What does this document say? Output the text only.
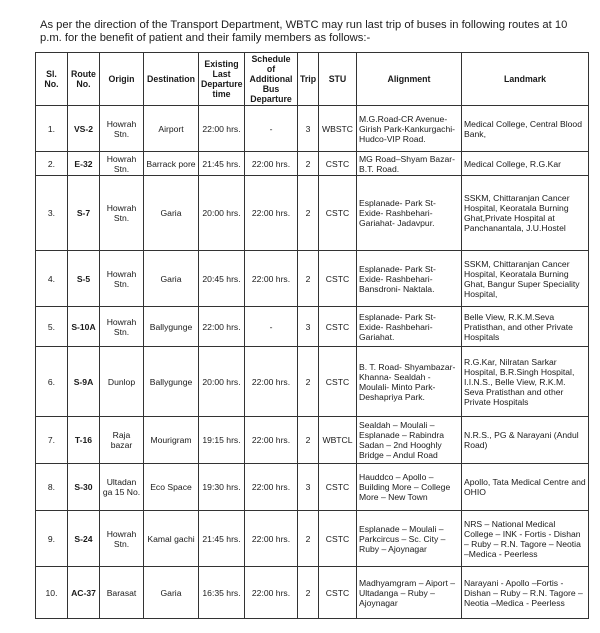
As per the direction of the Transport Department, WBTC may run last trip of buses in following routes at 10 p.m. for the benefit of patient and their family members as follows:-

Sl. No.	Route No.	Origin	Destination	Existing Last Departure time	Schedule of Additional Bus Departure	Trip	STU	Alignment	Landmark
1.	VS-2	Howrah Stn.	Airport	22:00 hrs.	-	3	WBSTC	M.G.Road-CR Avenue-Girish Park-Kankurgachi-Hudco-VIP Road.	Medical College, Central Blood Bank,
2.	E-32	Howrah Stn.	Barrack pore	21:45 hrs.	22:00 hrs.	2	CSTC	MG Road–Shyam Bazar- B.T. Road.	Medical College, R.G.Kar
3.	S-7	Howrah Stn.	Garia	20:00 hrs.	22:00 hrs.	2	CSTC	Esplanade- Park St- Exide- Rashbehari- Gariahat- Jadavpur.	SSKM, Chittaranjan Cancer Hospital, Keoratala Burning Ghat,Private Hospital at Panchanantala, J.U.Hostel
4.	S-5	Howrah Stn.	Garia	20:45 hrs.	22:00 hrs.	2	CSTC	Esplanade- Park St- Exide- Rashbehari- Bansdroni- Naktala.	SSKM, Chittaranjan Cancer Hospital, Keoratala Burning Ghat, Bangur Super Speciality Hospital,
5.	S-10A	Howrah Stn.	Ballygunge	22:00 hrs.	-	3	CSTC	Esplanade- Park St- Exide- Rashbehari- Gariahat.	Belle View, R.K.M.Seva Pratisthan, and other Private Hospitals
6.	S-9A	Dunlop	Ballygunge	20:00 hrs.	22:00 hrs.	2	CSTC	B. T. Road- Shyambazar- Khanna- Sealdah - Moulali- Minto Park- Deshapriya Park.	R.G.Kar, Nilratan Sarkar Hospital, B.R.Singh Hospital, I.I.N.S., Belle View, R.K.M. Seva Pratisthan and other Private Hospitals
7.	T-16	Raja bazar	Mourigram	19:15 hrs.	22:00 hrs.	2	WBTCL	Sealdah – Moulali – Esplanade – Rabindra Sadan – 2nd Hooghly Bridge – Andul Road	N.R.S., PG & Narayani (Andul Road)
8.	S-30	Ultadan ga 15 No.	Eco Space	19:30 hrs.	22:00 hrs.	3	CSTC	Hauddco – Apollo – Building More – College More – New Town	Apollo, Tata Medical Centre and OHIO
9.	S-24	Howrah Stn.	Kamal gachi	21:45 hrs.	22:00 hrs.	2	CSTC	Esplanade – Moulali – Parkcircus – Sc. City – Ruby – Ajoynagar	NRS – National Medical College – INK - Fortis - Dishan – Ruby – R.N. Tagore – Neotia –Medica - Peerless
10.	AC-37	Barasat	Garia	16:35 hrs.	22:00 hrs.	2	CSTC	Madhyamgram – Aiport – Ultadanga – Ruby – Ajoynagar	Narayani - Apollo –Fortis - Dishan – Ruby – R.N. Tagore – Neotia –Medica - Peerless
